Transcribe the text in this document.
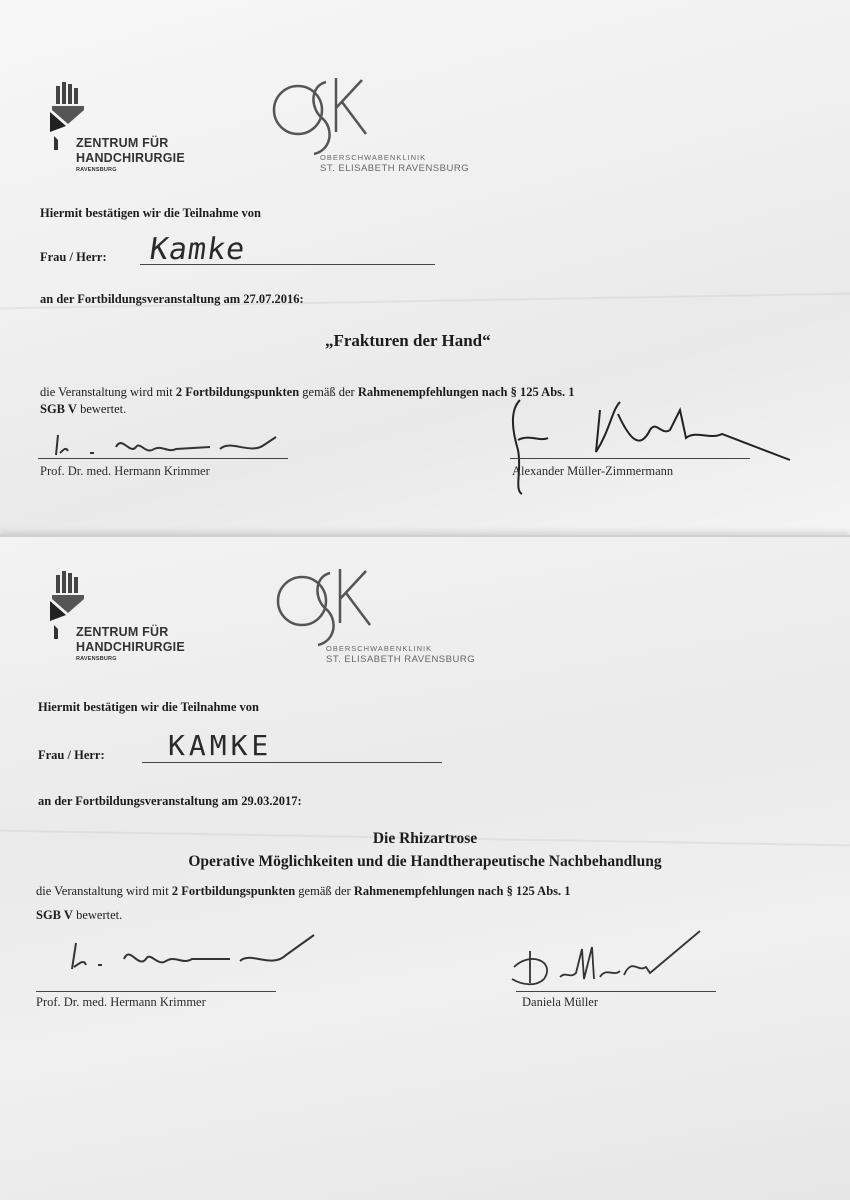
ZENTRUM FÜR
HANDCHIRURGIE
RAVENSBURG
OBERSCHWABENKLINIK
ST. ELISABETH RAVENSBURG
Hiermit bestätigen wir die Teilnahme von
Frau / Herr: Kamke
an der Fortbildungsveranstaltung am 27.07.2016:
„Frakturen der Hand“
die Veranstaltung wird mit 2 Fortbildungspunkten gemäß der Rahmenempfehlungen nach § 125 Abs. 1
SGB V bewertet.
Prof. Dr. med. Hermann Krimmer	Alexander Müller-Zimmermann
ZENTRUM FÜR
HANDCHIRURGIE
RAVENSBURG
OBERSCHWABENKLINIK
ST. ELISABETH RAVENSBURG
Hiermit bestätigen wir die Teilnahme von
Frau / Herr: KAMKE
an der Fortbildungsveranstaltung am 29.03.2017:
Die Rhizartrose
Operative Möglichkeiten und die Handtherapeutische Nachbehandlung
die Veranstaltung wird mit 2 Fortbildungspunkten gemäß der Rahmenempfehlungen nach § 125 Abs. 1
SGB V bewertet.
Prof. Dr. med. Hermann Krimmer	Daniela Müller
